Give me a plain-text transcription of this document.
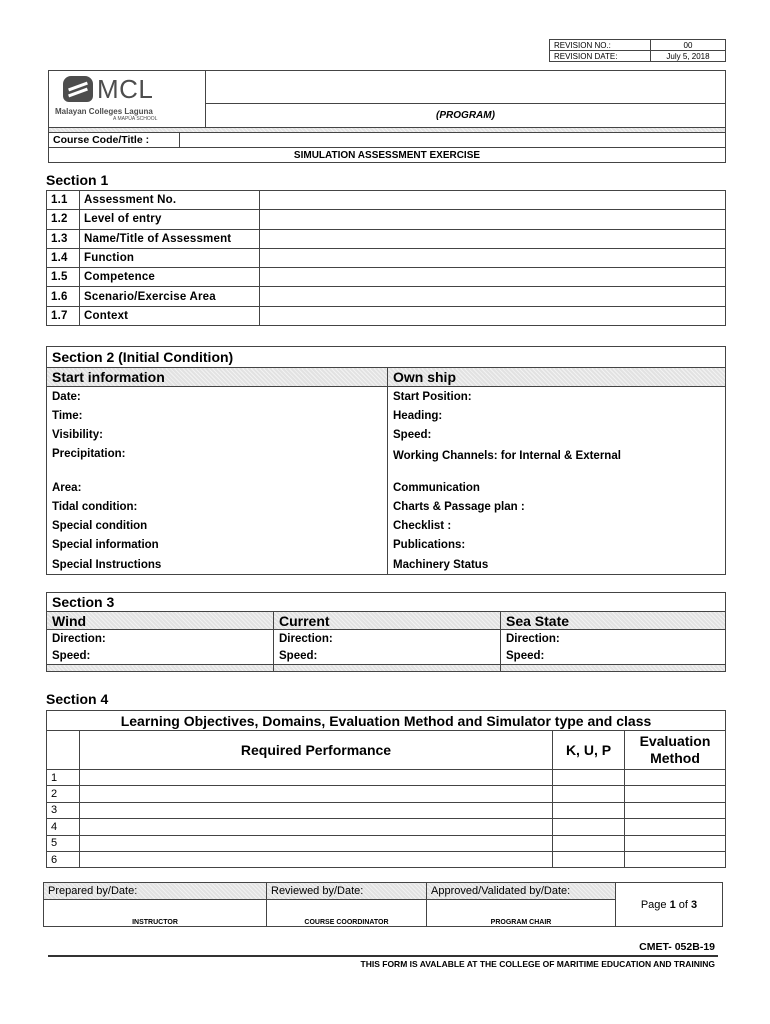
REVISION NO.:	00
REVISION DATE:	July 5, 2018
MCL
Malayan Colleges Laguna
A MAPÚA SCHOOL

(PROGRAM)

Course Code/Title :	

SIMULATION ASSESSMENT EXERCISE
Section 1
1.1	Assessment No.	
1.2	Level of entry	
1.3	Name/Title of Assessment	
1.4	Function	
1.5	Competence	
1.6	Scenario/Exercise Area	
1.7	Context	
Section 2 (Initial Condition)	
Start information	Own ship
Date:	Start Position:
Time:	Heading:
Visibility:	Speed:
Precipitation:	Working Channels: for Internal & External
Area:	Communication
Tidal condition:	Charts & Passage plan :
Special condition	Checklist :
Special information	Publications:
Special Instructions	Machinery Status
Section 3		
Wind	Current	Sea State
Direction:	Direction:	Direction:
Speed:	Speed:	Speed:

Section 4
Learning Objectives, Domains, Evaluation Method and Simulator type and class			
	Required Performance	K, U, P	Evaluation
Method

1			
2			
3			
4			
5			
6			
Prepared by/Date:	Reviewed by/Date:	Approved/Validated by/Date:	Page 1 of 3
INSTRUCTOR	COURSE COORDINATOR	PROGRAM CHAIR	
CMET- 052B-19
THIS FORM IS AVALABLE AT THE COLLEGE OF MARITIME EDUCATION AND TRAINING
